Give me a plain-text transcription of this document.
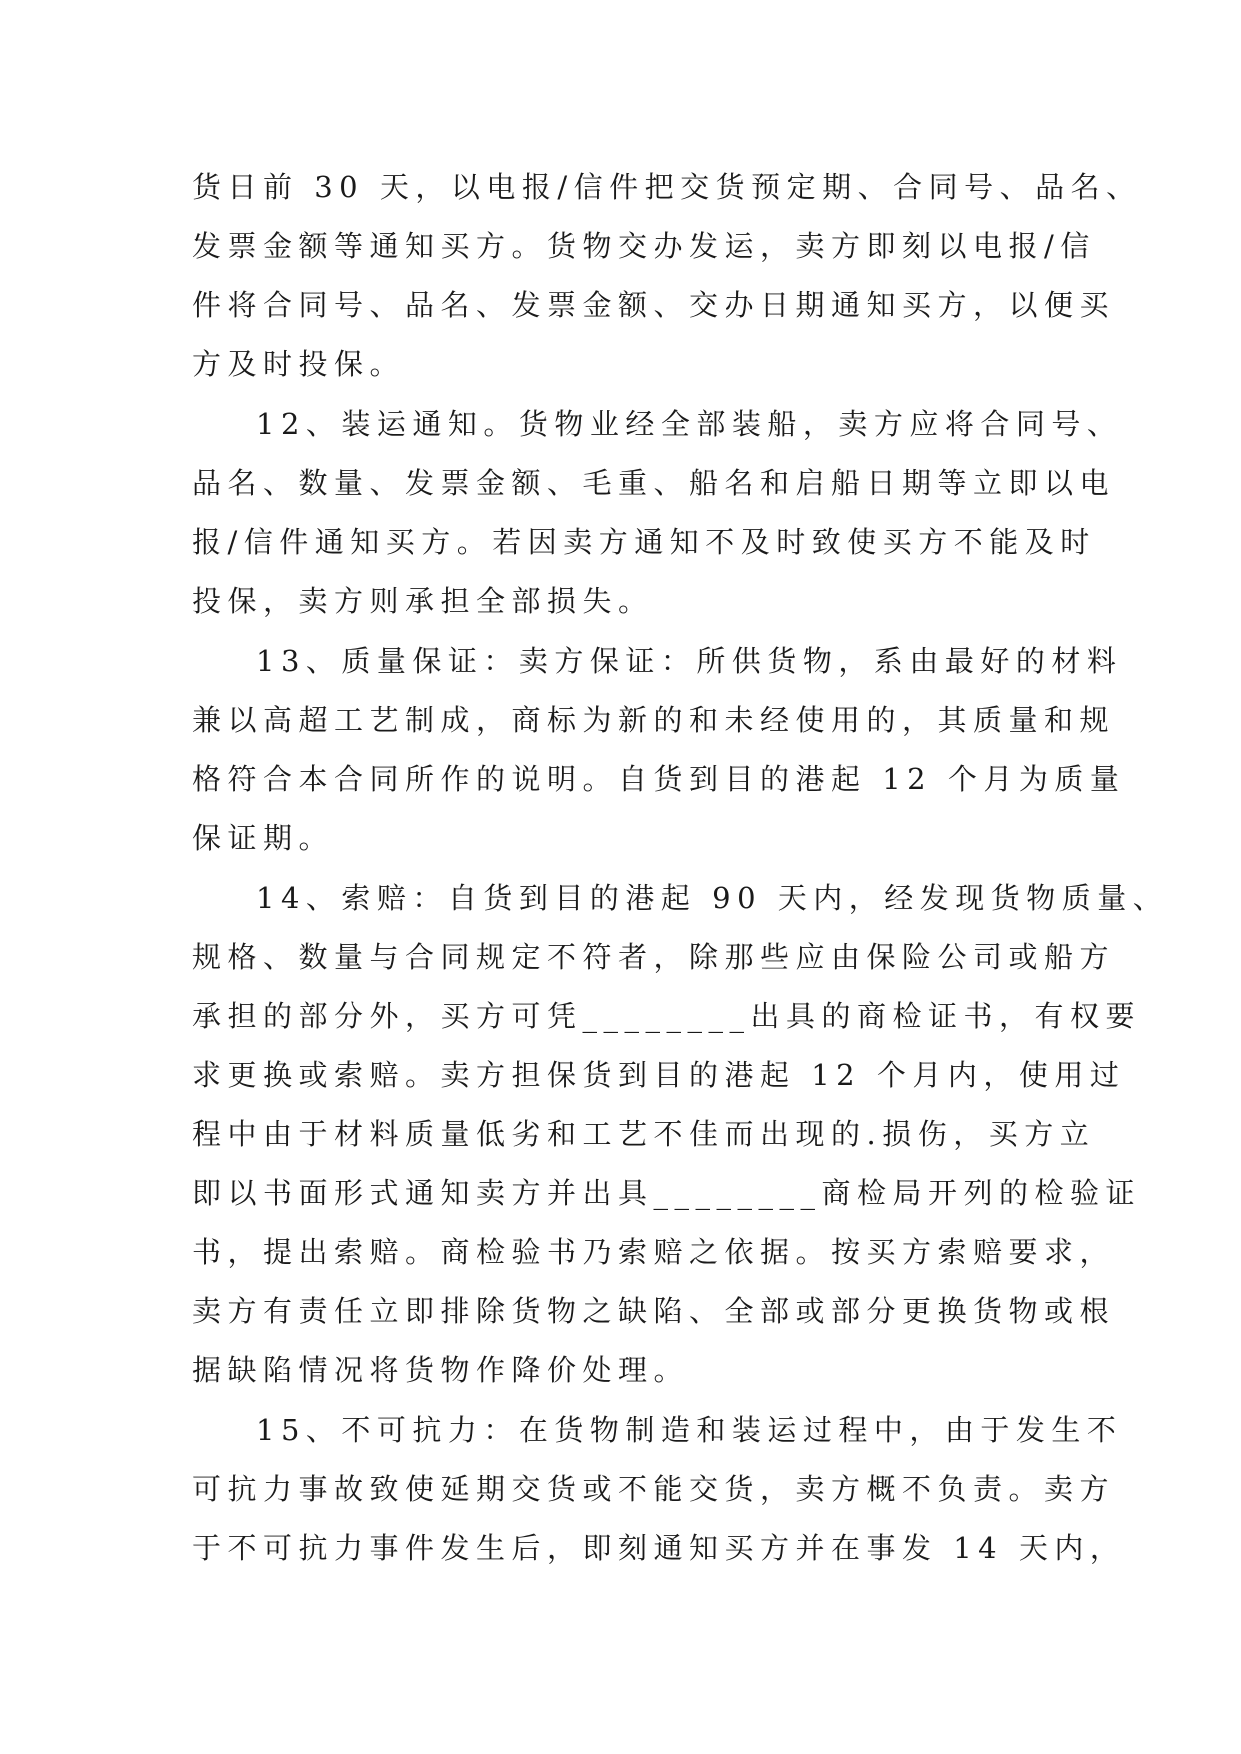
货日前 30 天，以电报/信件把交货预定期、合同号、品名、
发票金额等通知买方。货物交办发运，卖方即刻以电报/信
件将合同号、品名、发票金额、交办日期通知买方，以便买
方及时投保。
12、装运通知。货物业经全部装船，卖方应将合同号、
品名、数量、发票金额、毛重、船名和启船日期等立即以电
报/信件通知买方。若因卖方通知不及时致使买方不能及时
投保，卖方则承担全部损失。
13、质量保证：卖方保证：所供货物，系由最好的材料
兼以高超工艺制成，商标为新的和未经使用的，其质量和规
格符合本合同所作的说明。自货到目的港起 12 个月为质量
保证期。
14、索赔：自货到目的港起 90 天内，经发现货物质量、
规格、数量与合同规定不符者，除那些应由保险公司或船方
承担的部分外，买方可凭________出具的商检证书，有权要
求更换或索赔。卖方担保货到目的港起 12 个月内，使用过
程中由于材料质量低劣和工艺不佳而出现的.损伤，买方立
即以书面形式通知卖方并出具________商检局开列的检验证
书，提出索赔。商检验书乃索赔之依据。按买方索赔要求，
卖方有责任立即排除货物之缺陷、全部或部分更换货物或根
据缺陷情况将货物作降价处理。
15、不可抗力：在货物制造和装运过程中，由于发生不
可抗力事故致使延期交货或不能交货，卖方概不负责。卖方
于不可抗力事件发生后，即刻通知买方并在事发 14 天内，
